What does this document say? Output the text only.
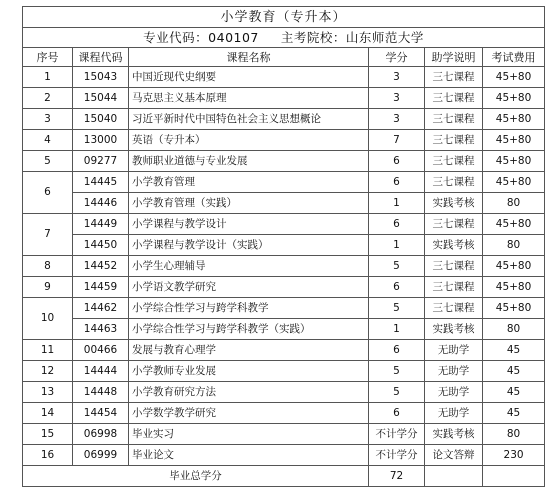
小学教育（专升本）					
专业代码：040107 主考院校：山东师范大学					
序号	课程代码	课程名称	学分	助学说明	考试费用
1	15043	中国近现代史纲要	3	三七课程	45+80
2	15044	马克思主义基本原理	3	三七课程	45+80
3	15040	习近平新时代中国特色社会主义思想概论	3	三七课程	45+80
4	13000	英语（专升本）	7	三七课程	45+80
5	09277	教师职业道德与专业发展	6	三七课程	45+80
6	14445	小学教育管理	6	三七课程	45+80
	14446	小学教育管理（实践）	1	实践考核	80
7	14449	小学课程与教学设计	6	三七课程	45+80
	14450	小学课程与教学设计（实践）	1	实践考核	80
8	14452	小学生心理辅导	5	三七课程	45+80
9	14459	小学语文教学研究	6	三七课程	45+80
10	14462	小学综合性学习与跨学科教学	5	三七课程	45+80
	14463	小学综合性学习与跨学科教学（实践）	1	实践考核	80
11	00466	发展与教育心理学	6	无助学	45
12	14444	小学教师专业发展	5	无助学	45
13	14448	小学教育研究方法	5	无助学	45
14	14454	小学数学教学研究	6	无助学	45
15	06998	毕业实习	不计学分	实践考核	80
16	06999	毕业论文	不计学分	论文答辩	230
毕业总学分			72		
